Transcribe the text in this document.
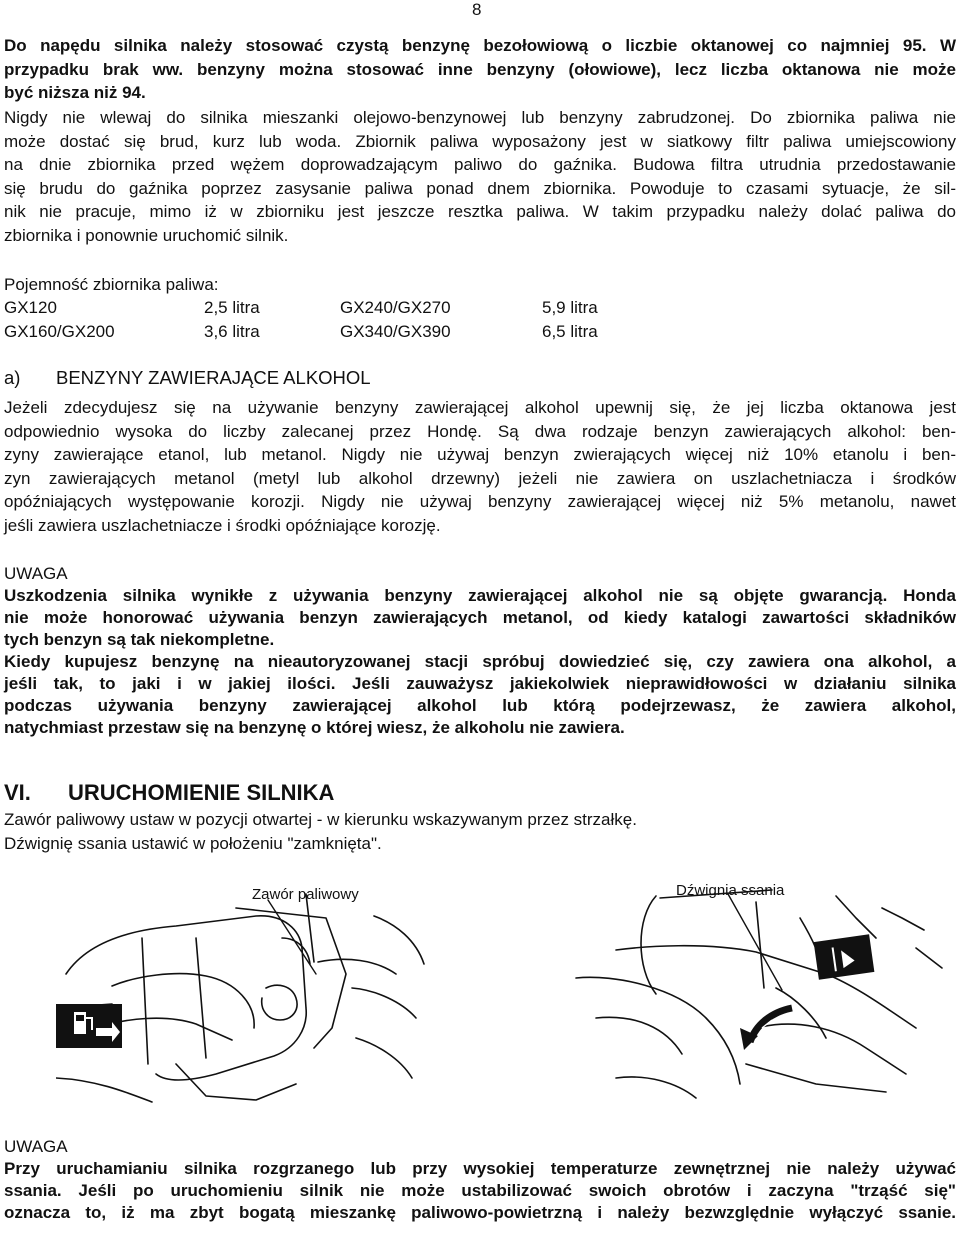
8
Do napędu silnika należy stosować czystą benzynę bezołowiową o liczbie oktanowej co najmniej 95. W
przypadku brak ww. benzyny można stosować inne benzyny (ołowiowe), lecz liczba oktanowa nie może
być niższa niż 94.
Nigdy nie wlewaj do silnika mieszanki olejowo-benzynowej lub benzyny zabrudzonej. Do zbiornika paliwa nie
może dostać się brud, kurz lub woda. Zbiornik paliwa wyposażony jest w siatkowy filtr paliwa umiejscowiony
na dnie zbiornika przed wężem doprowadzającym paliwo do gaźnika. Budowa filtra utrudnia przedostawanie
się brudu do gaźnika poprzez zasysanie paliwa ponad dnem zbiornika. Powoduje to czasami sytuacje, że sil-
nik nie pracuje, mimo iż w zbiorniku jest jeszcze resztka paliwa. W takim przypadku należy dolać paliwa do
zbiornika i ponownie uruchomić silnik.
Pojemność zbiornika paliwa:
GX120	2,5 litra	GX240/GX270	5,9 litra
GX160/GX200	3,6 litra	GX340/GX390	6,5 litra
a) BENZYNY ZAWIERAJĄCE ALKOHOL
Jeżeli zdecydujesz się na używanie benzyny zawierającej alkohol upewnij się, że jej liczba oktanowa jest
odpowiednio wysoka do liczby zalecanej przez Hondę. Są dwa rodzaje benzyn zawierających alkohol: ben-
zyny zawierające etanol, lub metanol. Nigdy nie używaj benzyn zwierających więcej niż 10% etanolu i ben-
zyn zawierających metanol (metyl lub alkohol drzewny) jeżeli nie zawiera on uszlachetniacza i środków
opóźniających występowanie korozji. Nigdy nie używaj benzyny zawierającej więcej niż 5% metanolu, nawet
jeśli zawiera uszlachetniacze i środki opóźniające korozję.
UWAGA
Uszkodzenia silnika wynikłe z używania benzyny zawierającej alkohol nie są objęte gwarancją. Honda
nie może honorować używania benzyn zawierających metanol, od kiedy katalogi zawartości składników
tych benzyn są tak niekompletne.
Kiedy kupujesz benzynę na nieautoryzowanej stacji spróbuj dowiedzieć się, czy zawiera ona alkohol, a
jeśli tak, to jaki i w jakiej ilości. Jeśli zauważysz jakiekolwiek nieprawidłowości w działaniu silnika
podczas używania benzyny zawierającej alkohol lub którą podejrzewasz, że zawiera alkohol,
natychmiast przestaw się na benzynę o której wiesz, że alkoholu nie zawiera.
VI. URUCHOMIENIE SILNIKA
Zawór paliwowy ustaw w pozycji otwartej - w kierunku wskazywanym przez strzałkę.
Dźwignię ssania ustawić w położeniu "zamknięta".
Zawór paliwowy	Dźwignia ssania
UWAGA
Przy uruchamianiu silnika rozgrzanego lub przy wysokiej temperaturze zewnętrznej nie należy używać
ssania. Jeśli po uruchomieniu silnik nie może ustabilizować swoich obrotów i zaczyna "trząść się"
oznacza to, iż ma zbyt bogatą mieszankę paliwowo-powietrzną i należy bezwzględnie wyłączyć ssanie.
